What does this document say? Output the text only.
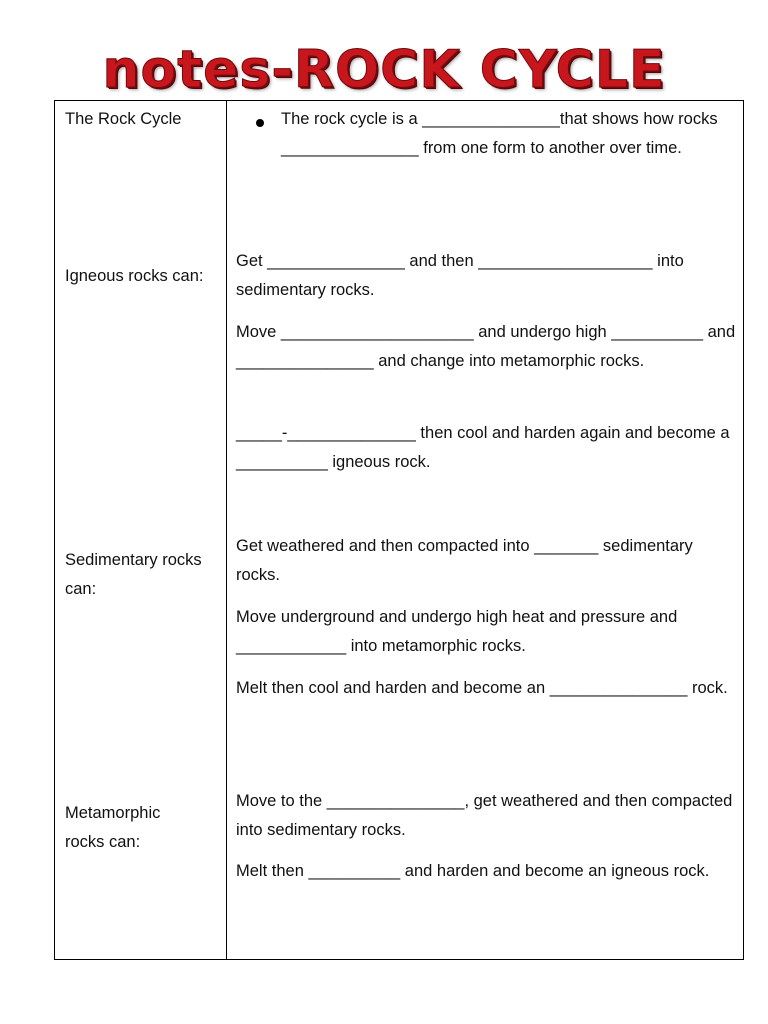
notes-ROCK CYCLE
The Rock Cycle	The rock cycle is a _______________that shows how rocks _______________ from one form to another over time.
Igneous rocks can:
Get _______________ and then ___________________ into sedimentary rocks.
Move _____________________ and undergo high __________ and _______________ and change into metamorphic rocks.
_____-______________ then cool and harden again and become a __________ igneous rock.
Sedimentary rocks can:
Get weathered and then compacted into _______ sedimentary rocks.
Move underground and undergo high heat and pressure and ____________ into metamorphic rocks.
Melt then cool and harden and become an _______________ rock.
Metamorphic rocks can:
Move to the _______________, get weathered and then compacted into sedimentary rocks.
Melt then __________ and harden and become an igneous rock.
